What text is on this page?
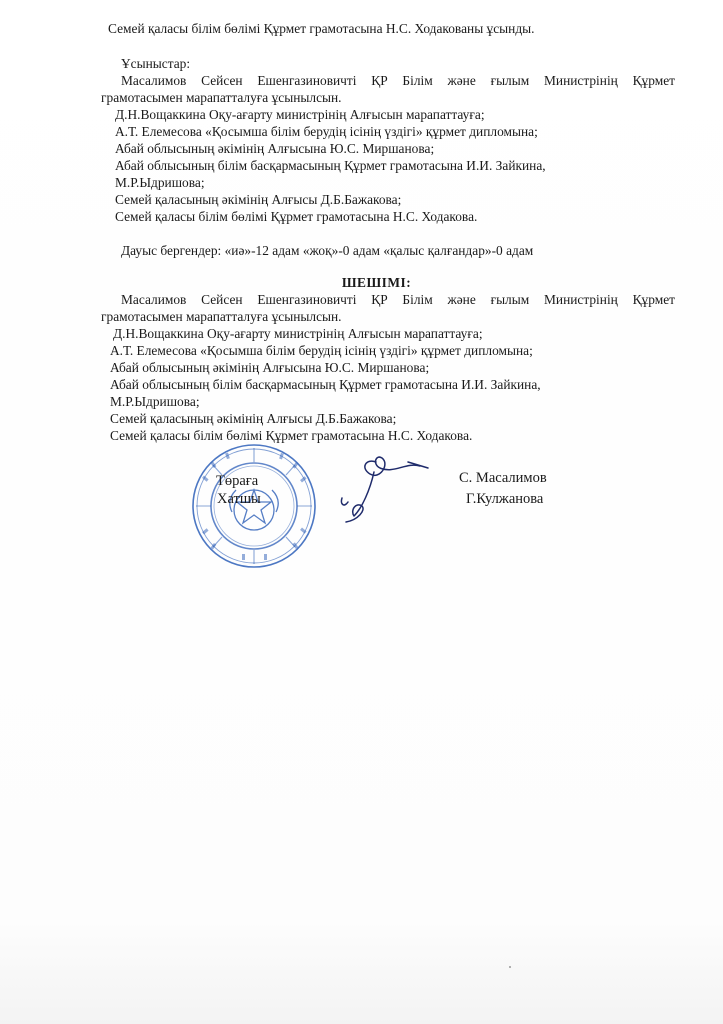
Семей қаласы білім бөлімі Құрмет грамотасына Н.С. Ходакованы ұсынды.
Ұсыныстар:
Масалимов Сейсен Ешенгазиновичті ҚР Білім және ғылым Министрінің Құрмет
грамотасымен марапатталуға ұсынылсын.
Д.Н.Вощаккина Оқу-ағарту министрінің Алғысын марапаттауға;
А.Т. Елемесова «Қосымша білім берудің ісінің үздігі» құрмет дипломына;
Абай облысының әкімінің Алғысына Ю.С. Миршанова;
Абай облысының білім басқармасының Құрмет грамотасына И.И. Зайкина,
М.Р.Ыдришова;
Семей қаласының әкімінің Алғысы Д.Б.Бажакова;
Семей қаласы білім бөлімі Құрмет грамотасына Н.С. Ходакова.
Дауыс бергендер: «иә»-12 адам «жоқ»-0 адам «қалыс қалғандар»-0 адам
ШЕШІМІ:
Масалимов Сейсен Ешенгазиновичті ҚР Білім және ғылым Министрінің Құрмет
грамотасымен марапатталуға ұсынылсын.
Д.Н.Вощаккина Оқу-ағарту министрінің Алғысын марапаттауға;
А.Т. Елемесова «Қосымша білім берудің ісінің үздігі» құрмет дипломына;
Абай облысының әкімінің Алғысына Ю.С. Миршанова;
Абай облысының білім басқармасының Құрмет грамотасына И.И. Зайкина,
М.Р.Ыдришова;
Семей қаласының әкімінің Алғысы Д.Б.Бажакова;
Семей қаласы білім бөлімі Құрмет грамотасына Н.С. Ходакова.
Төраға
Хатшы
С. Масалимов
Г.Кулжанова
